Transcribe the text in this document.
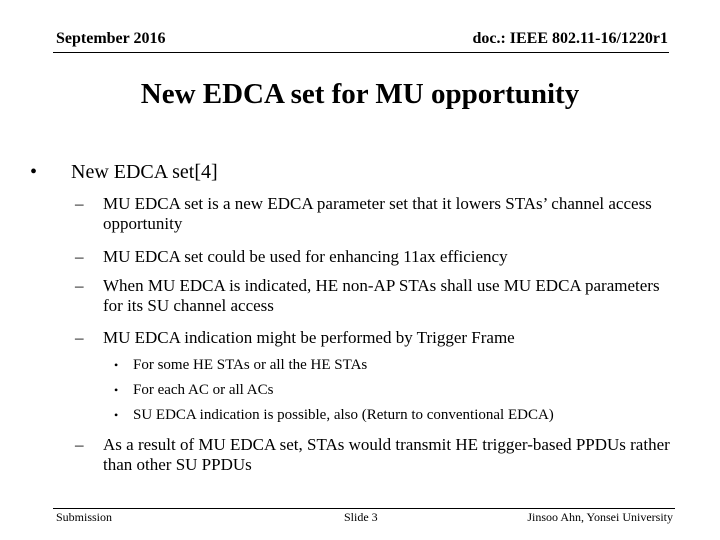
September 2016	doc.: IEEE 802.11-16/1220r1
New EDCA set for MU opportunity
• New EDCA set[4]
– MU EDCA set is a new EDCA parameter set that it lowers STAs’ channel access opportunity
– MU EDCA set could be used for enhancing 11ax efficiency
– When MU EDCA is indicated, HE non-AP STAs shall use MU EDCA parameters for its SU channel access
– MU EDCA indication might be performed by Trigger Frame
• For some HE STAs or all the HE STAs
• For each AC or all ACs
• SU EDCA indication is possible, also (Return to conventional EDCA)
– As a result of MU EDCA set, STAs would transmit HE trigger-based PPDUs rather than other SU PPDUs
Submission	Slide 3	Jinsoo Ahn, Yonsei University
